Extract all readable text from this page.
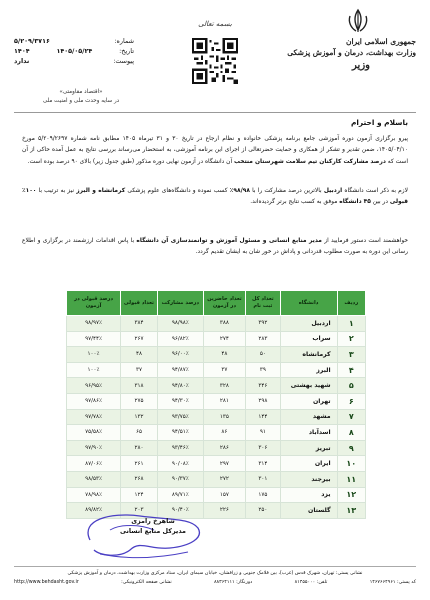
بسمه تعالی
جمهوری اسلامی ایران
وزارت بهداشت، درمان و آموزش پزشکی
وزیر
شماره:
۵/۲۰۹/۳۷۱۶
تاریخ:
۱۴۰۵/۰۵/۲۴
۱۴۰۴
پیوست:
ندارد
«اقتصاد مقاومتی»
در سایه وحدت ملی و امنیت ملی
باسلام و احترام
پیرو برگزاری آزمون دوره آموزشی جامع برنامه پزشکی خانواده و نظام ارجاع در تاریخ ۳۰ و ۳۱ تیرماه ۱۴۰۵ مطابق نامه شماره ۵/۲۰۹/۲۶۹۷ مورخ ۱۴۰۵/۰۴/۱۰، ضمن تقدیر و تشکر از همکاری و حمایت حضرتعالی از اجرای این برنامه آموزشی، به استحضار می‌رساند بررسی نتایج به عمل آمده حاکی از آن است که درصد مشارکت کارکنان تیم سلامت شهرستان منتخب آن دانشگاه در آزمون نهایی دوره مذکور (طبق جدول زیر) بالای ۹۰ درصد بوده است.
لازم به ذکر است دانشگاه اردبیل بالاترین درصد مشارکت را با ۹۸/۹۸٪ کسب نموده و دانشگاه‌های علوم پزشکی کرمانشاه و البرز نیز به ترتیب با ۱۰۰٪ قبولی در بین ۴۵ دانشگاه موفق به کسب نتایج برتر گردیده‌اند.
خواهشمند است دستور فرمایید از مدیر منابع انسانی و مسئول آموزش و توانمندسازی آن دانشگاه با پاس اقدامات ارزشمند در برگزاری و اطلاع رسانی این دوره به صورت مطلوب قدردانی و پاداش در خور شان به ایشان تقدیم گردد.
ردیف	دانشگاه	تعداد کل ثبت نام	تعداد حاضرین در آزمون	درصد مشارکت	تعداد قبولی	درصد قبولی در آزمون
۱	اردبیل	۳۹۲	۳۸۸	۹۸/۹۸٪	۳۸۴	۹۸/۹۷٪
۲	سراب	۲۸۳	۲۷۴	۹۶/۸۲٪	۲۶۷	۹۷/۴۴٪
۳	کرمانشاه	۵۰	۴۸	۹۶/۰۰٪	۴۸	۱۰۰٪
۴	البرز	۳۹	۳۷	۹۴/۸۷٪	۳۷	۱۰۰٪
۵	شهید بهشتی	۳۴۶	۳۲۸	۹۴/۸۰٪	۳۱۸	۹۶/۹۵٪
۶	تهران	۲۹۸	۲۸۱	۹۴/۳۰٪	۲۷۵	۹۷/۸۶٪
۷	مشهد	۱۴۴	۱۳۵	۹۳/۷۵٪	۱۳۲	۹۷/۷۸٪
۸	اسدآباد	۹۱	۸۶	۹۴/۵۱٪	۶۵	۷۵/۵۸٪
۹	تبریز	۳۰۶	۲۸۶	۹۳/۴۶٪	۲۸۰	۹۷/۹۰٪
۱۰	ایران	۳۱۴	۲۹۷	۹۰/۰۸٪	۲۶۱	۸۷/۰۶٪
۱۱	بیرجند	۳۰۱	۲۷۲	۹۰/۳۷٪	۲۶۸	۹۸/۵۳٪
۱۲	یزد	۱۷۵	۱۵۷	۸۹/۷۱٪	۱۲۴	۷۸/۹۸٪
۱۳	گلستان	۲۵۰	۲۲۶	۹۰/۴۰٪	۲۰۳	۸۹/۸۲٪
شاهرخ رامزی
مدیرکل منابع انسانی
نشانی پستی: تهران، شهرک قدس (غرب)، بین فلامک جنوبی و زرافشان، خیابان سیمای ایران، ستاد مرکزی وزارت بهداشت، درمان و آموزش پزشکی
کد پستی: ۱۴۶۷۶۶۴۹۶۱
تلفن: ۸۱۴۵۵۰۰۰
دورنگار: ۸۸۳۶۴۱۱۱
نشانی صفحه الکترونیکی:
http://www.behdasht.gov.ir
